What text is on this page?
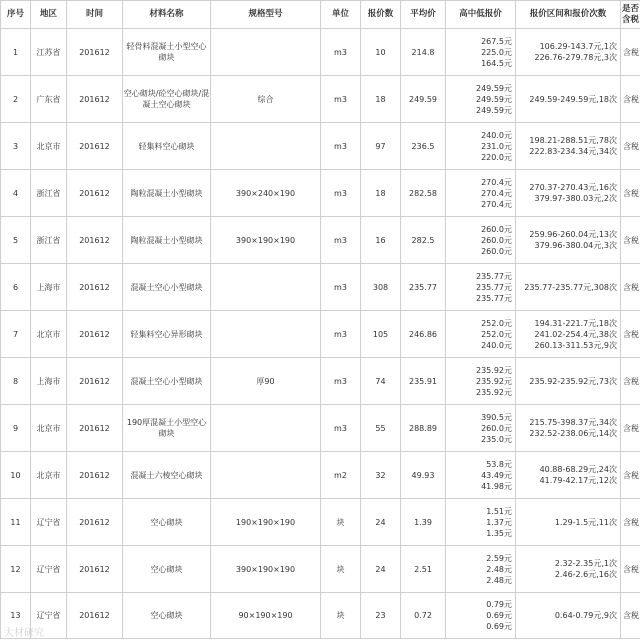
序号	地区	时间	材料名称	规格型号	单位	报价数	平均价	高中低报价	报价区间和报价次数	是否含税
1	江苏省	201612	轻骨料混凝土小型空心砌块		m3	10	214.8	267.5元
225.0元
164.5元	106.29-143.7元,1次
226.76-279.78元,3次	含税
2	广东省	201612	空心砌块/砼空心砌块/混凝土空心砌块	综合	m3	18	249.59	249.59元
249.59元
249.59元	249.59-249.59元,18次	含税
3	北京市	201612	轻集料空心砌块		m3	97	236.5	240.0元
231.0元
220.0元	198.21-288.51元,78次
222.83-234.34元,34次	含税
4	浙江省	201612	陶粒混凝土小型砌块	390×240×190	m3	18	282.58	270.4元
270.4元
270.4元	270.37-270.43元,16次
379.97-380.03元,2次	含税
5	浙江省	201612	陶粒混凝土小型砌块	390×190×190	m3	16	282.5	260.0元
260.0元
260.0元	259.96-260.04元,13次
379.96-380.04元,3次	含税
6	上海市	201612	混凝土空心小型砌块		m3	308	235.77	235.77元
235.77元
235.77元	235.77-235.77元,308次	含税
7	北京市	201612	轻集料空心异形砌块		m3	105	246.86	252.0元
252.0元
240.0元	194.31-221.7元,18次
241.02-254.4元,38次
260.13-311.53元,9次	含税
8	上海市	201612	混凝土空心小型砌块	厚90	m3	74	235.91	235.92元
235.92元
235.92元	235.92-235.92元,73次	含税
9	北京市	201612	190厚混凝土小型空心砌块		m3	55	288.89	390.5元
260.0元
235.0元	215.75-398.37元,34次
232.52-238.06元,14次	含税
10	北京市	201612	混凝土六棱空心砌块		m2	32	49.93	53.8元
43.49元
41.98元	40.88-68.29元,24次
41.79-42.17元,12次	含税
11	辽宁省	201612	空心砌块	190×190×190	块	24	1.39	1.51元
1.37元
1.35元	1.29-1.5元,11次	含税
12	辽宁省	201612	空心砌块	390×190×190	块	24	2.51	2.59元
2.48元
2.48元	2.32-2.35元,1次
2.46-2.6元,16次	含税
13	辽宁省	201612	空心砌块	90×190×190	块	23	0.72	0.79元
0.69元
0.69元	0.64-0.79元,9次	含税
大材研究
